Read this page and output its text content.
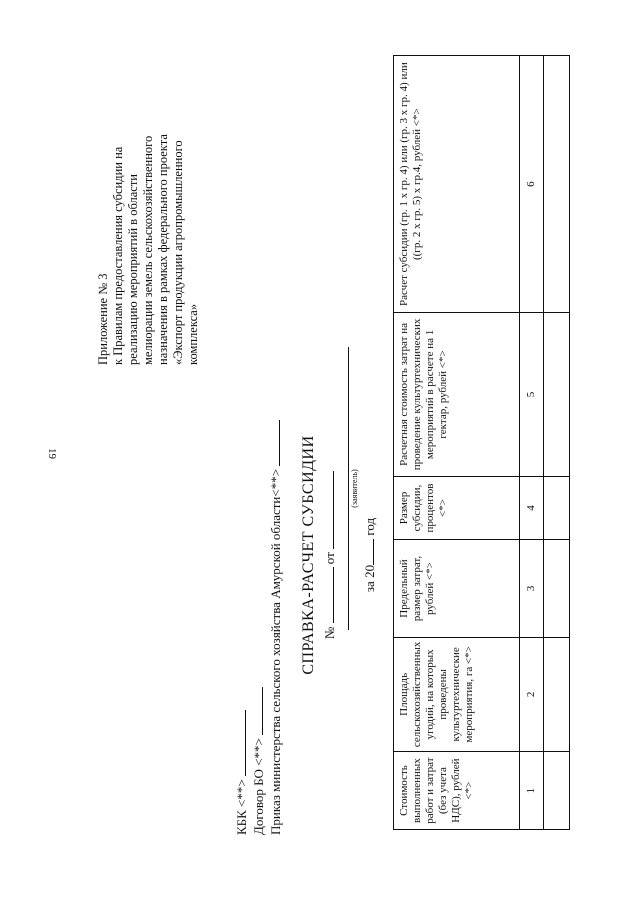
19
Приложение № 3 к Правилам предоставления субсидии на реализацию мероприятий в области мелиорации земель сельскохозяйственного назначения в рамках федерального проекта «Экспорт продукции агропромышленного комплекса»
КБК <**> Договор БО <**> Приказ министерства сельского хозяйства Амурской области<**> СПРАВКА-РАСЧЕТ СУБСИДИИ №  от
(заявитель)
за 20 год
Стоимость выполненных работ и затрат (без учета НДС), рублей <*>	Площадь сельскохозяйственных угодий, на которых проведены культуртехнические мероприятия, га <*>	Предельный размер затрат, рублей <*>	Размер субсидии, процентов <*>	Расчетная стоимость затрат на проведение культуртехнических мероприятий в расчете на 1 гектар, рублей <*>	Расчет субсидии (гр. 1 х гр. 4) или (гр. 3 х гр. 4) или ((гр. 2 х гр. 5) х гр.4, рублей <*>
1	2	3	4	5	6
